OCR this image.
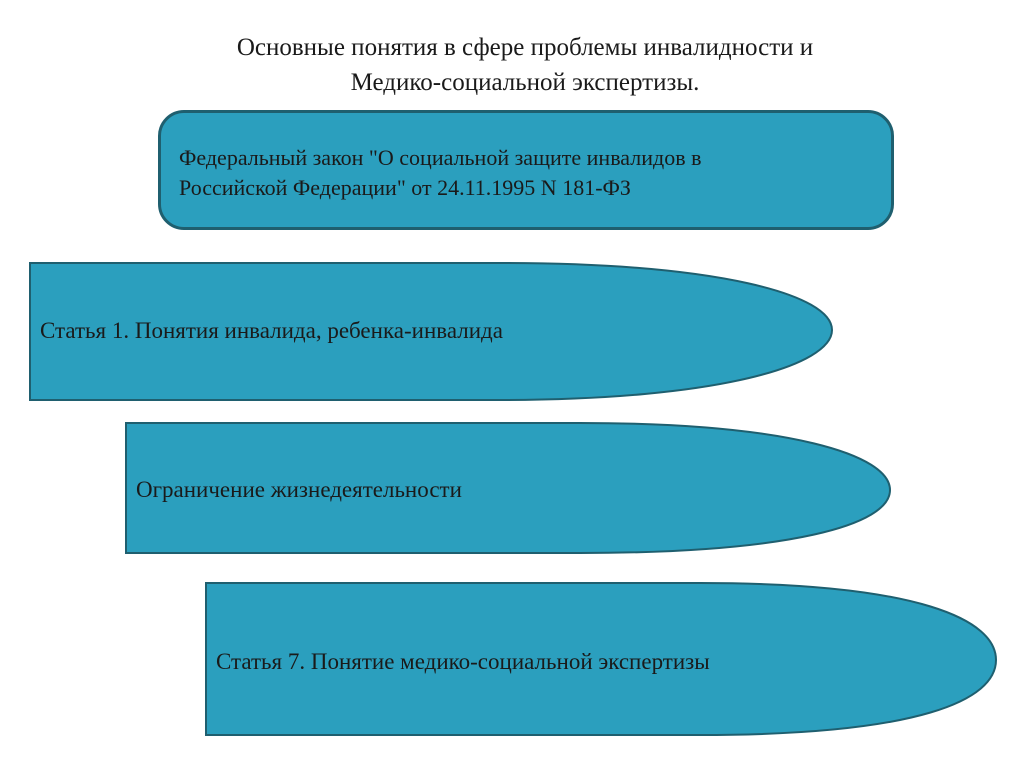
Основные понятия в сфере проблемы инвалидности и
Медико-социальной экспертизы.
Федеральный закон "О социальной защите инвалидов в Российской Федерации" от 24.11.1995 N 181-ФЗ
Статья 1. Понятия инвалида, ребенка-инвалида
Ограничение жизнедеятельности
Статья 7. Понятие медико-социальной экспертизы
